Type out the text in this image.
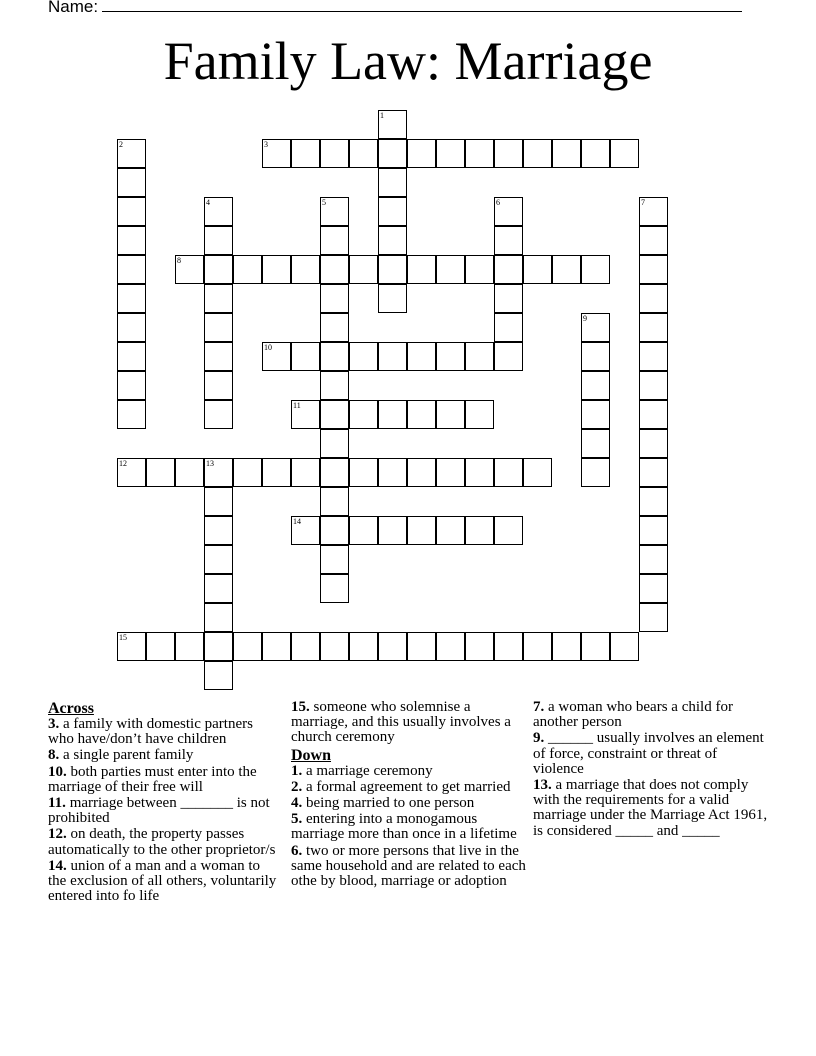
Name:
Family Law: Marriage
1
2	3
4	5	6	7
8
9
10
11
12	13
14
15
Across
3. a family with domestic partners who have/don’t have children
8. a single parent family
10. both parties must enter into the marriage of their free will
11. marriage between _______ is not prohibited
12. on death, the property passes automatically to the other proprietor/s
14. union of a man and a woman to the exclusion of all others, voluntarily entered into fo life
15. someone who solemnise a marriage, and this usually involves a church ceremony
Down
1. a marriage ceremony
2. a formal agreement to get married
4. being married to one person
5. entering into a monogamous marriage more than once in a lifetime
6. two or more persons that live in the same household and are related to each othe by blood, marriage or adoption
7. a woman who bears a child for another person
9. ______ usually involves an element of force, constraint or threat of violence
13. a marriage that does not comply with the requirements for a valid marriage under the Marriage Act 1961, is considered _____ and _____
